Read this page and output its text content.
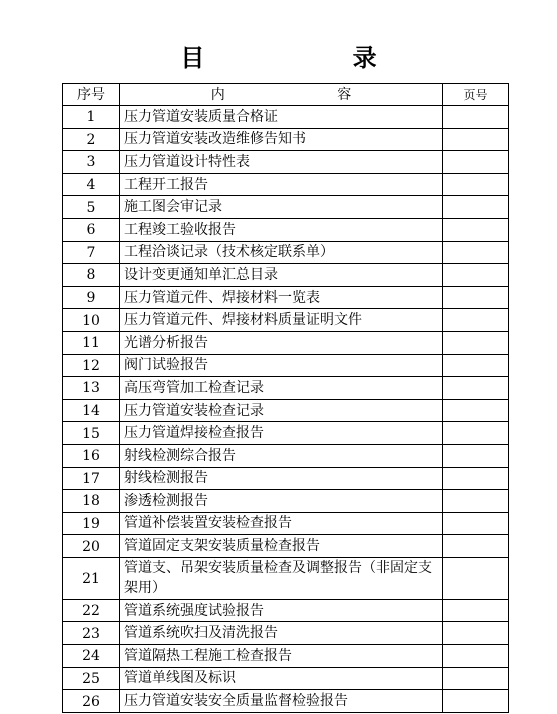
目 录
序号	内 容	页号
1	压力管道安装质量合格证	
2	压力管道安装改造维修告知书	
3	压力管道设计特性表	
4	工程开工报告	
5	施工图会审记录	
6	工程竣工验收报告	
7	工程洽谈记录（技术核定联系单）	
8	设计变更通知单汇总目录	
9	压力管道元件、焊接材料一览表	
10	压力管道元件、焊接材料质量证明文件	
11	光谱分析报告	
12	阀门试验报告	
13	高压弯管加工检查记录	
14	压力管道安装检查记录	
15	压力管道焊接检查报告	
16	射线检测综合报告	
17	射线检测报告	
18	渗透检测报告	
19	管道补偿装置安装检查报告	
20	管道固定支架安装质量检查报告	
21	管道支、吊架安装质量检查及调整报告（非固定支架用）	
22	管道系统强度试验报告	
23	管道系统吹扫及清洗报告	
24	管道隔热工程施工检查报告	
25	管道单线图及标识	
26	压力管道安装安全质量监督检验报告	
